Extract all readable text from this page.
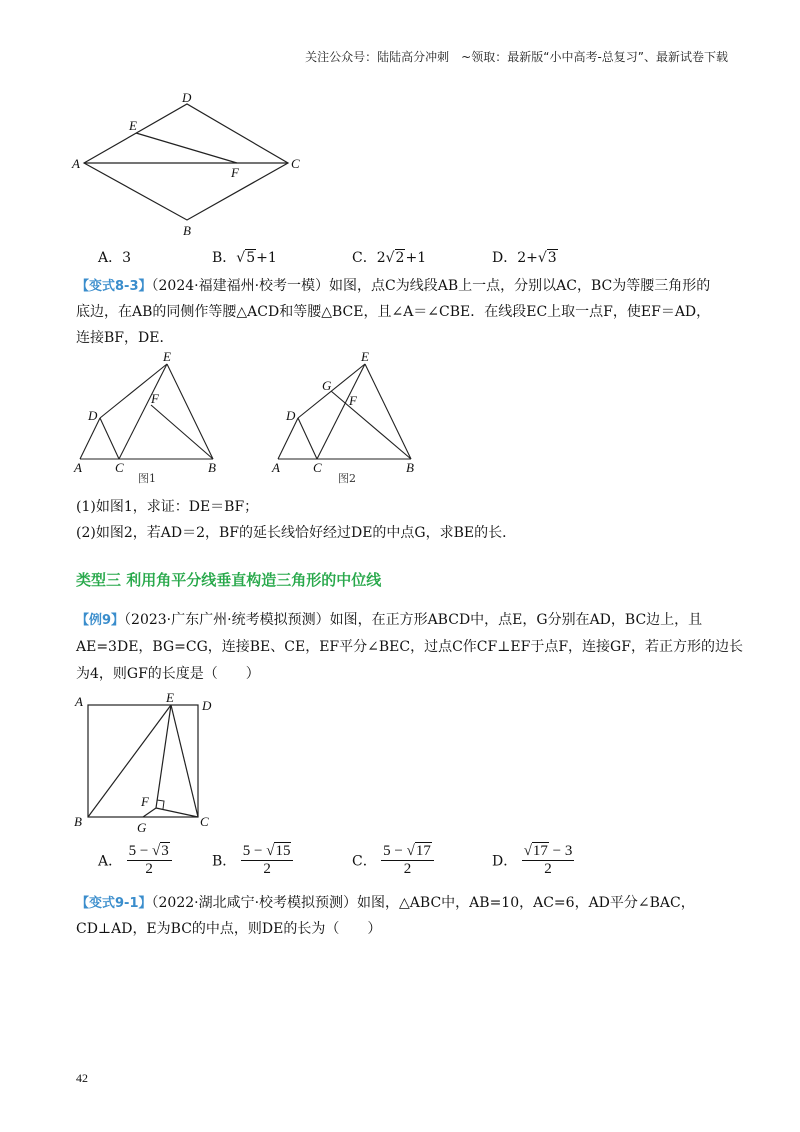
关注公众号：陆陆高分冲刺　~领取：最新版“小中高考-总复习”、最新试卷下载
D
E
A
F
C
B
A．3	B．√5+1	C．2√2+1	D．2+√3
【变式8-3】（2024·福建福州·校考一模）如图，点C为线段AB上一点，分别以AC，BC为等腰三角形的
底边，在AB的同侧作等腰△ACD和等腰△BCE，且∠A＝∠CBE．在线段EC上取一点F，使EF＝AD，
连接BF，DE．
E
D
F
A	C	B
图1
E
G
D
F
A	C	B
图2
(1)如图1，求证：DE＝BF；
(2)如图2，若AD＝2，BF的延长线恰好经过DE的中点G，求BE的长．
类型三 利用角平分线垂直构造三角形的中位线
【例9】（2023·广东广州·统考模拟预测）如图，在正方形ABCD中，点E，G分别在AD，BC边上，且
AE=3DE，BG=CG，连接BE、CE，EF平分∠BEC，过点C作CF⊥EF于点F，连接GF，若正方形的边长
为4，则GF的长度是（　　）
A	E
D
F
B	G	C
A． $\frac{5 - √3}{2}$	B． $\frac{5 - √15}{2}$	C． $\frac{5 - √17}{2}$	D． $\frac{√17 - 3}{2}$
【变式9-1】（2022·湖北咸宁·校考模拟预测）如图，△ABC中，AB=10，AC=6，AD平分∠BAC，
CD⊥AD，E为BC的中点，则DE的长为（　　）
42
